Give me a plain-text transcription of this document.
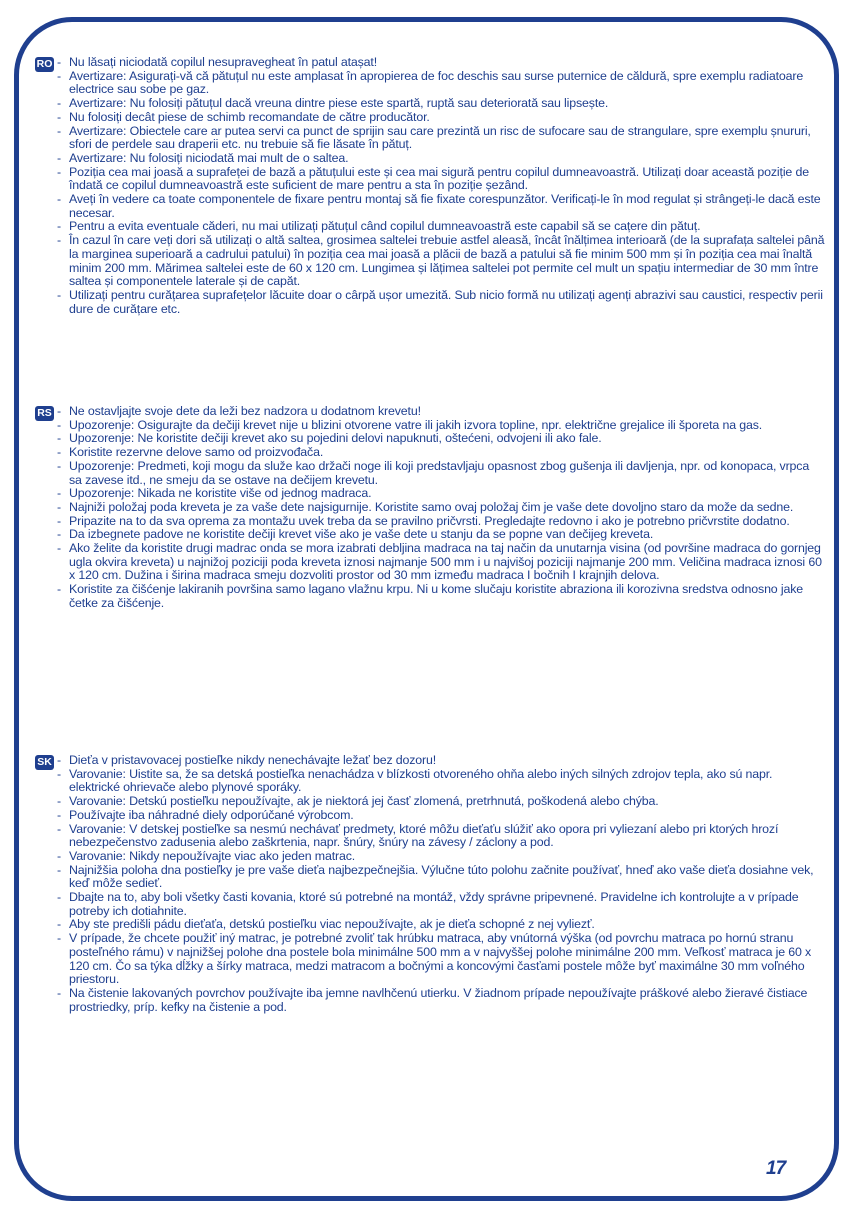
RO - Nu lăsați niciodată copilul nesupravegheat în patul atașat!
- Avertizare: Asigurați-vă că pătuțul nu este amplasat în apropierea de foc deschis sau surse puternice de căldură, spre exemplu radiatoare electrice sau sobe pe gaz.
- Avertizare: Nu folosiți pătuțul dacă vreuna dintre piese este spartă, ruptă sau deteriorată sau lipsește.
- Nu folosiți decât piese de schimb recomandate de către producător.
- Avertizare: Obiectele care ar putea servi ca punct de sprijin sau care prezintă un risc de sufocare sau de strangulare, spre exemplu șnururi, sfori de perdele sau draperii etc. nu trebuie să fie lăsate în pătuț.
- Avertizare: Nu folosiți niciodată mai mult de o saltea.
- Poziția cea mai joasă a suprafeței de bază a pătuțului este și cea mai sigură pentru copilul dumneavoastră. Utilizați doar această poziție de îndată ce copilul dumneavoastră este suficient de mare pentru a sta în poziție șezând.
- Aveți în vedere ca toate componentele de fixare pentru montaj să fie fixate corespunzător. Verificați-le în mod regulat și strângeți-le dacă este necesar.
- Pentru a evita eventuale căderi, nu mai utilizați pătuțul când copilul dumneavoastră este capabil să se cațere din pătuț.
- În cazul în care veți dori să utilizați o altă saltea, grosimea saltelei trebuie astfel aleasă, încât înălțimea interioară (de la suprafața saltelei până la marginea superioară a cadrului patului) în poziția cea mai joasă a plăcii de bază a patului să fie minim 500 mm și în poziția cea mai înaltă minim 200 mm. Mărimea saltelei este de 60 x 120 cm. Lungimea și lățimea saltelei pot permite cel mult un spațiu intermediar de 30 mm între saltea și componentele laterale și de capăt.
- Utilizați pentru curățarea suprafețelor lăcuite doar o cârpă ușor umezită. Sub nicio formă nu utilizați agenți abrazivi sau caustici, respectiv perii dure de curățare etc.
RS - Ne ostavljajte svoje dete da leži bez nadzora u dodatnom krevetu!
- Upozorenje: Osigurajte da dečiji krevet nije u blizini otvorene vatre ili jakih izvora topline, npr. električne grejalice ili šporeta na gas.
- Upozorenje: Ne koristite dečiji krevet ako su pojedini delovi napuknuti, oštećeni, odvojeni ili ako fale.
- Koristite rezervne delove samo od proizvođača.
- Upozorenje: Predmeti, koji mogu da služe kao držači noge ili koji predstavljaju opasnost zbog gušenja ili davljenja, npr. od konopaca, vrpca sa zavese itd., ne smeju da se ostave na dečijem krevetu.
- Upozorenje: Nikada ne koristite više od jednog madraca.
- Najniži položaj poda kreveta je za vaše dete najsigurnije. Koristite samo ovaj položaj čim je vaše dete dovoljno staro da može da sedne.
- Pripazite na to da sva oprema za montažu uvek treba da se pravilno pričvrsti. Pregledajte redovno i ako je potrebno pričvrstite dodatno.
- Da izbegnete padove ne koristite dečiji krevet više ako je vaše dete u stanju da se popne van dečijeg kreveta.
- Ako želite da koristite drugi madrac onda se mora izabrati debljina madraca na taj način da unutarnja visina (od površine madraca do gornjeg ugla okvira kreveta) u najnižoj poziciji poda kreveta iznosi najmanje 500 mm i u najvišoj poziciji najmanje 200 mm. Veličina madraca iznosi 60 x 120 cm. Dužina i širina madraca smeju dozvoliti prostor od 30 mm između madraca I bočnih I krajnjih delova.
- Koristite za čišćenje lakiranih površina samo lagano vlažnu krpu. Ni u kome slučaju koristite abraziona ili korozivna sredstva odnosno jake četke za čišćenje.
SK - Dieťa v pristavovacej postieľke nikdy nenechávajte ležať bez dozoru!
- Varovanie: Uistite sa, že sa detská postieľka nenachádza v blízkosti otvoreného ohňa alebo iných silných zdrojov tepla, ako sú napr. elektrické ohrievače alebo plynové sporáky.
- Varovanie: Detskú postieľku nepoužívajte, ak je niektorá jej časť zlomená, pretrhnutá, poškodená alebo chýba.
- Používajte iba náhradné diely odporúčané výrobcom.
- Varovanie: V detskej postieľke sa nesmú nechávať predmety, ktoré môžu dieťaťu slúžiť ako opora pri vyliezaní alebo pri ktorých hrozí nebezpečenstvo zadusenia alebo zaškrtenia, napr. šnúry, šnúry na závesy / záclony a pod.
- Varovanie: Nikdy nepoužívajte viac ako jeden matrac.
- Najnižšia poloha dna postieľky je pre vaše dieťa najbezpečnejšia. Výlučne túto polohu začnite používať, hneď ako vaše dieťa dosiahne vek, keď môže sedieť.
- Dbajte na to, aby boli všetky časti kovania, ktoré sú potrebné na montáž, vždy správne pripevnené. Pravidelne ich kontrolujte a v prípade potreby ich dotiahnite.
- Aby ste predišli pádu dieťaťa, detskú postieľku viac nepoužívajte, ak je dieťa schopné z nej vyliezť.
- V prípade, že chcete použiť iný matrac, je potrebné zvoliť tak hrúbku matraca, aby vnútorná výška (od povrchu matraca po hornú stranu posteľného rámu) v najnižšej polohe dna postele bola minimálne 500 mm a v najvyššej polohe minimálne 200 mm. Veľkosť matraca je 60 x 120 cm. Čo sa týka dĺžky a šírky matraca, medzi matracom a bočnými a koncovými časťami postele môže byť maximálne 30 mm voľného priestoru.
- Na čistenie lakovaných povrchov používajte iba jemne navlhčenú utierku. V žiadnom prípade nepoužívajte práškové alebo žieravé čistiace prostriedky, príp. kefky na čistenie a pod.
17
